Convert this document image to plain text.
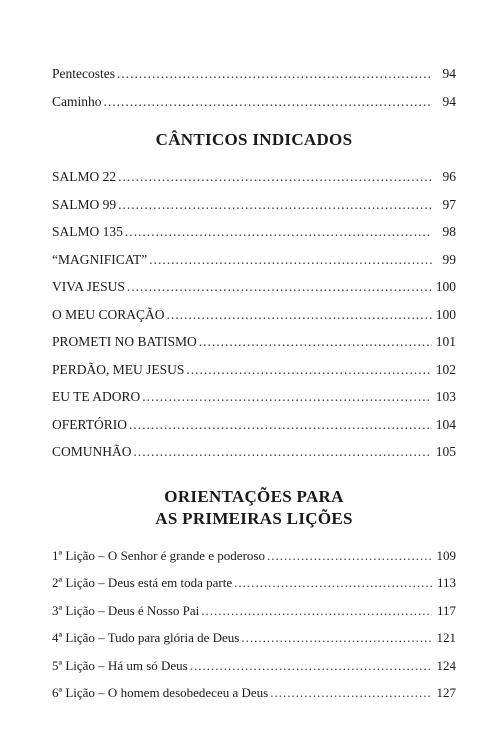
Pentecostes .....	94
Caminho .....	94
CÂNTICOS INDICADOS
SALMO 22 .....	96
SALMO 99 .....	97
SALMO 135 .....	98
“MAGNIFICAT” .....	99
VIVA JESUS .....	100
O MEU CORAÇÃO .....	100
PROMETI NO BATISMO .....	101
PERDÃO, MEU JESUS .....	102
EU TE ADORO .....	103
OFERTÓRIO .....	104
COMUNHÃO .....	105
ORIENTAÇÕES PARA
AS PRIMEIRAS LIÇÕES
1ª Lição – O Senhor é grande e poderoso .....	109
2ª Lição – Deus está em toda parte .....	113
3ª Lição – Deus é Nosso Pai .....	117
4ª Lição – Tudo para glória de Deus .....	121
5ª Lição – Há um só Deus .....	124
6ª Lição – O homem desobedeceu a Deus .....	127
